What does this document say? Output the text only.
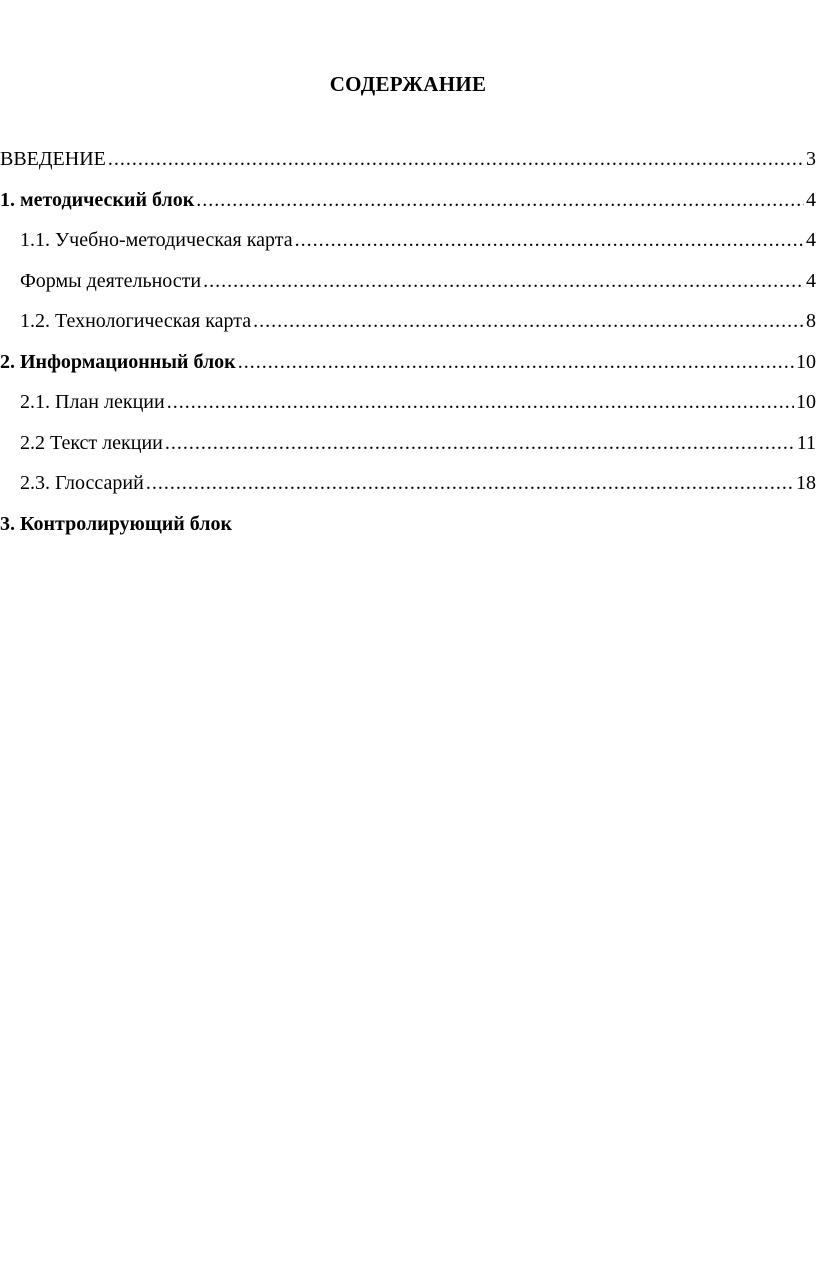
СОДЕРЖАНИЕ
ВВЕДЕНИЕ .....	3
1. методический блок .....	4
1.1. Учебно-методическая карта .....	4
Формы деятельности .....	4
1.2. Технологическая карта .....	8
2. Информационный блок .....	10
2.1. План лекции .....	10
2.2 Текст лекции .....	11
2.3. Глоссарий .....	18
3. Контролирующий блок
